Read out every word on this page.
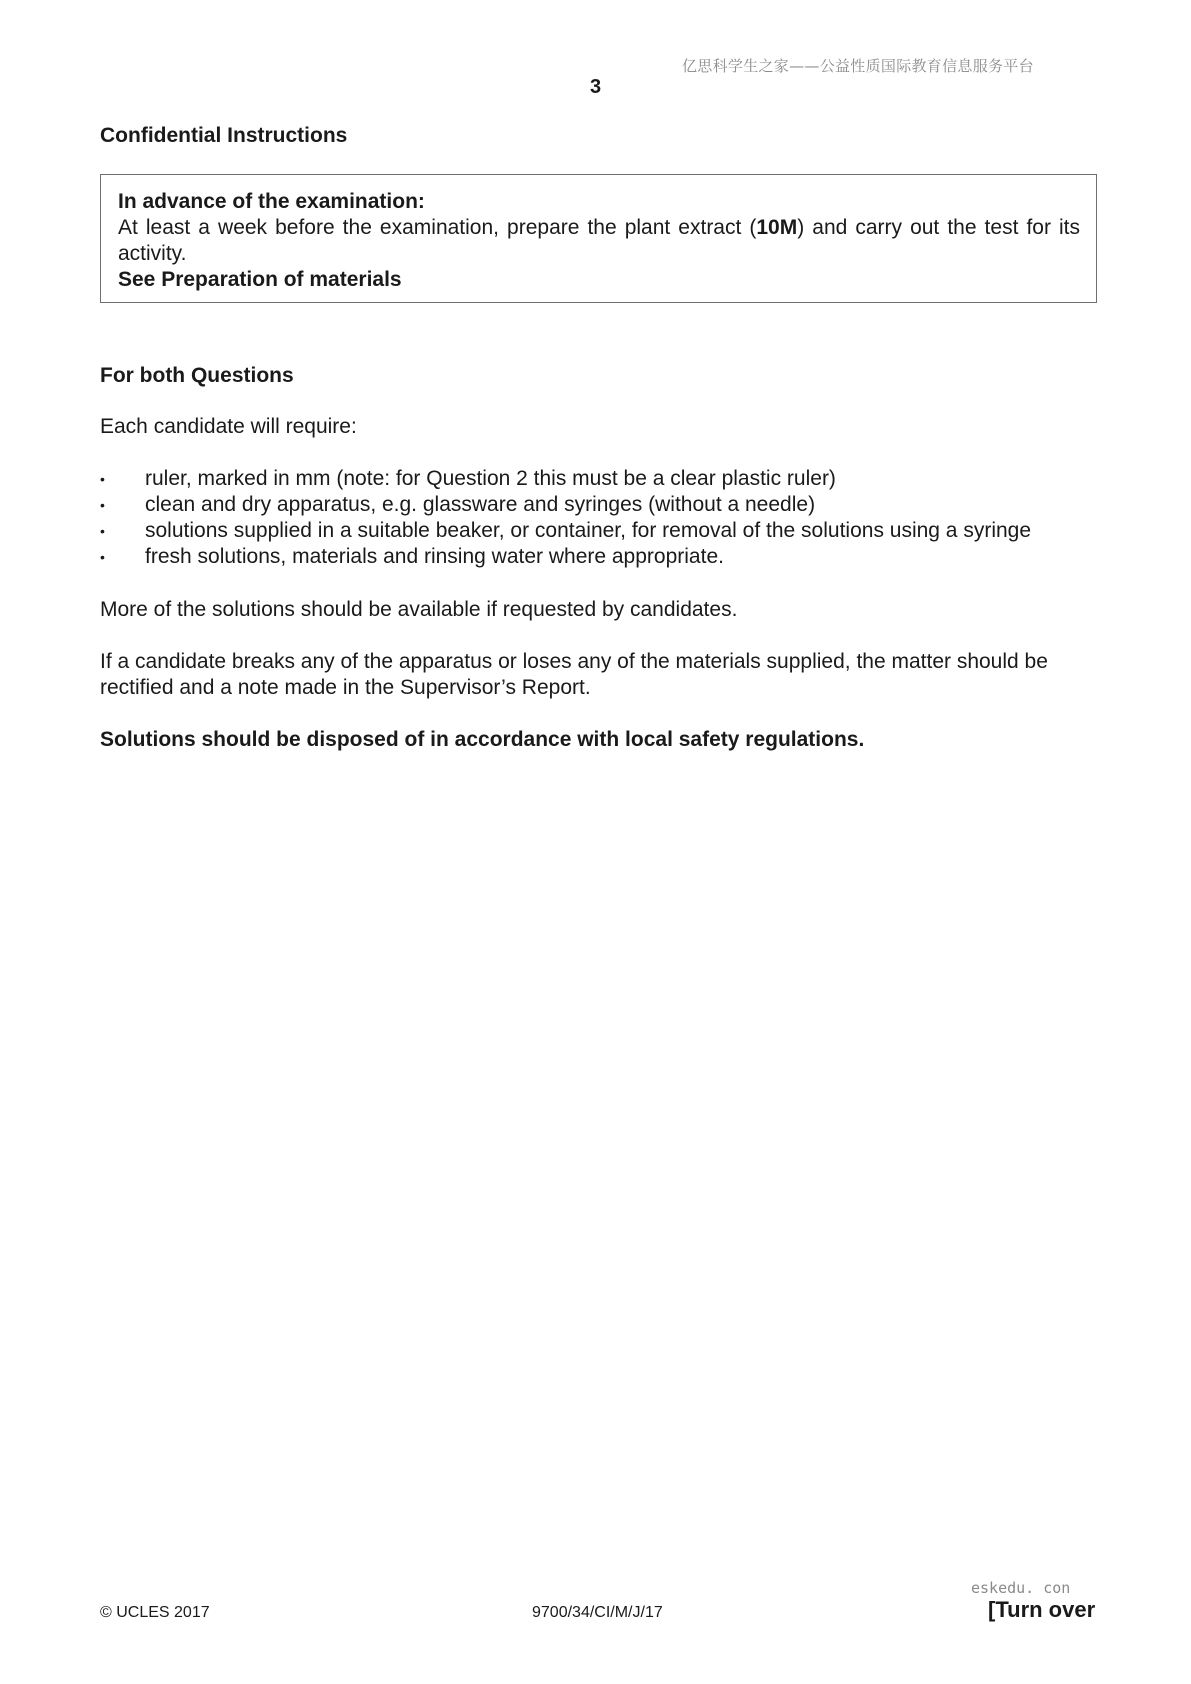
亿思科学生之家——公益性质国际教育信息服务平台
3
Confidential Instructions
In advance of the examination:
At least a week before the examination, prepare the plant extract (10M) and carry out the test for its activity.
See Preparation of materials
For both Questions
Each candidate will require:
• ruler, marked in mm (note: for Question 2 this must be a clear plastic ruler)
• clean and dry apparatus, e.g. glassware and syringes (without a needle)
• solutions supplied in a suitable beaker, or container, for removal of the solutions using a syringe
• fresh solutions, materials and rinsing water where appropriate.
More of the solutions should be available if requested by candidates.
If a candidate breaks any of the apparatus or loses any of the materials supplied, the matter should be rectified and a note made in the Supervisor’s Report.
Solutions should be disposed of in accordance with local safety regulations.
© UCLES 2017	9700/34/CI/M/J/17
eskedu. con
[Turn over
